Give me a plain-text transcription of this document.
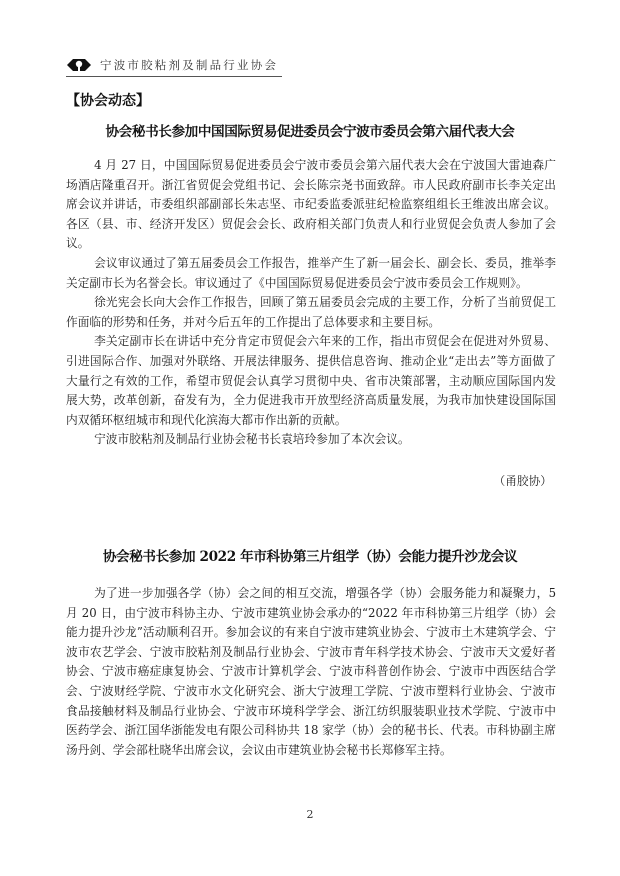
宁波市胶粘剂及制品行业协会
【协会动态】
协会秘书长参加中国国际贸易促进委员会宁波市委员会第六届代表大会

4 月 27 日，中国国际贸易促进委员会宁波市委员会第六届代表大会在宁波国大雷迪森广场酒店隆重召开。浙江省贸促会党组书记、会长陈宗尧书面致辞。市人民政府副市长李关定出席会议并讲话，市委组织部副部长朱志坚、市纪委监委派驻纪检监察组组长王维波出席会议。各区（县、市、经济开发区）贸促会会长、政府相关部门负责人和行业贸促会负责人参加了会议。

会议审议通过了第五届委员会工作报告，推举产生了新一届会长、副会长、委员，推举李关定副市长为名誉会长。审议通过了《中国国际贸易促进委员会宁波市委员会工作规则》。

徐光宪会长向大会作工作报告，回顾了第五届委员会完成的主要工作，分析了当前贸促工作面临的形势和任务，并对今后五年的工作提出了总体要求和主要目标。

李关定副市长在讲话中充分肯定市贸促会六年来的工作，指出市贸促会在促进对外贸易、引进国际合作、加强对外联络、开展法律服务、提供信息咨询、推动企业“走出去”等方面做了大量行之有效的工作，希望市贸促会认真学习贯彻中央、省市决策部署，主动顺应国际国内发展大势，改革创新，奋发有为，全力促进我市开放型经济高质量发展，为我市加快建设国际国内双循环枢纽城市和现代化滨海大都市作出新的贡献。

宁波市胶粘剂及制品行业协会秘书长袁培玲参加了本次会议。

（甬胶协）
协会秘书长参加 2022 年市科协第三片组学（协）会能力提升沙龙会议

为了进一步加强各学（协）会之间的相互交流，增强各学（协）会服务能力和凝聚力，5 月 20 日，由宁波市科协主办、宁波市建筑业协会承办的“2022 年市科协第三片组学（协）会能力提升沙龙”活动顺利召开。参加会议的有来自宁波市建筑业协会、宁波市土木建筑学会、宁波市农艺学会、宁波市胶粘剂及制品行业协会、宁波市青年科学技术协会、宁波市天文爱好者协会、宁波市癌症康复协会、宁波市计算机学会、宁波市科普创作协会、宁波市中西医结合学会、宁波财经学院、宁波市水文化研究会、浙大宁波理工学院、宁波市塑料行业协会、宁波市食品接触材料及制品行业协会、宁波市环境科学学会、浙江纺织服装职业技术学院、宁波市中医药学会、浙江国华浙能发电有限公司科协共 18 家学（协）会的秘书长、代表。市科协副主席汤丹剑、学会部杜晓华出席会议，会议由市建筑业协会秘书长郑修军主持。

2
